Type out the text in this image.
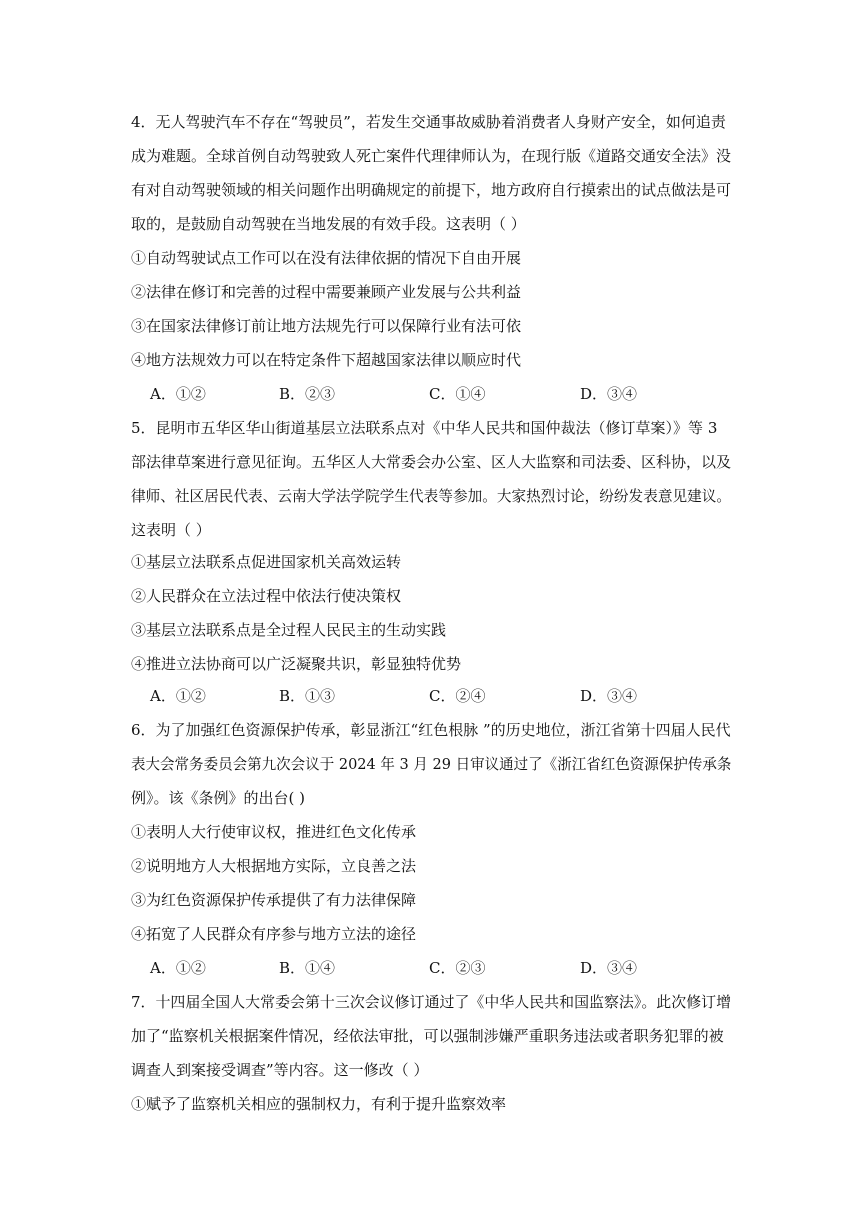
4．无人驾驶汽车不存在“驾驶员”，若发生交通事故威胁着消费者人身财产安全，如何追责
成为难题。全球首例自动驾驶致人死亡案件代理律师认为，在现行版《道路交通安全法》没
有对自动驾驶领域的相关问题作出明确规定的前提下，地方政府自行摸索出的试点做法是可
取的，是鼓励自动驾驶在当地发展的有效手段。这表明（ ）
①自动驾驶试点工作可以在没有法律依据的情况下自由开展
②法律在修订和完善的过程中需要兼顾产业发展与公共利益
③在国家法律修订前让地方法规先行可以保障行业有法可依
④地方法规效力可以在特定条件下超越国家法律以顺应时代
A．①②	B．②③	C．①④	D．③④
5．昆明市五华区华山街道基层立法联系点对《中华人民共和国仲裁法（修订草案）》等 3
部法律草案进行意见征询。五华区人大常委会办公室、区人大监察和司法委、区科协，以及
律师、社区居民代表、云南大学法学院学生代表等参加。大家热烈讨论，纷纷发表意见建议。
这表明（ ）
①基层立法联系点促进国家机关高效运转
②人民群众在立法过程中依法行使决策权
③基层立法联系点是全过程人民民主的生动实践
④推进立法协商可以广泛凝聚共识，彰显独特优势
A．①②	B．①③	C．②④	D．③④
6．为了加强红色资源保护传承，彰显浙江“红色根脉 ”的历史地位，浙江省第十四届人民代
表大会常务委员会第九次会议于 2024 年 3 月 29 日审议通过了《浙江省红色资源保护传承条
例》。该《条例》的出台( )
①表明人大行使审议权，推进红色文化传承
②说明地方人大根据地方实际，立良善之法
③为红色资源保护传承提供了有力法律保障
④拓宽了人民群众有序参与地方立法的途径
A．①②	B．①④	C．②③	D．③④
7．十四届全国人大常委会第十三次会议修订通过了《中华人民共和国监察法》。此次修订增
加了“监察机关根据案件情况，经依法审批，可以强制涉嫌严重职务违法或者职务犯罪的被
调查人到案接受调查”等内容。这一修改（ ）
①赋予了监察机关相应的强制权力，有利于提升监察效率
